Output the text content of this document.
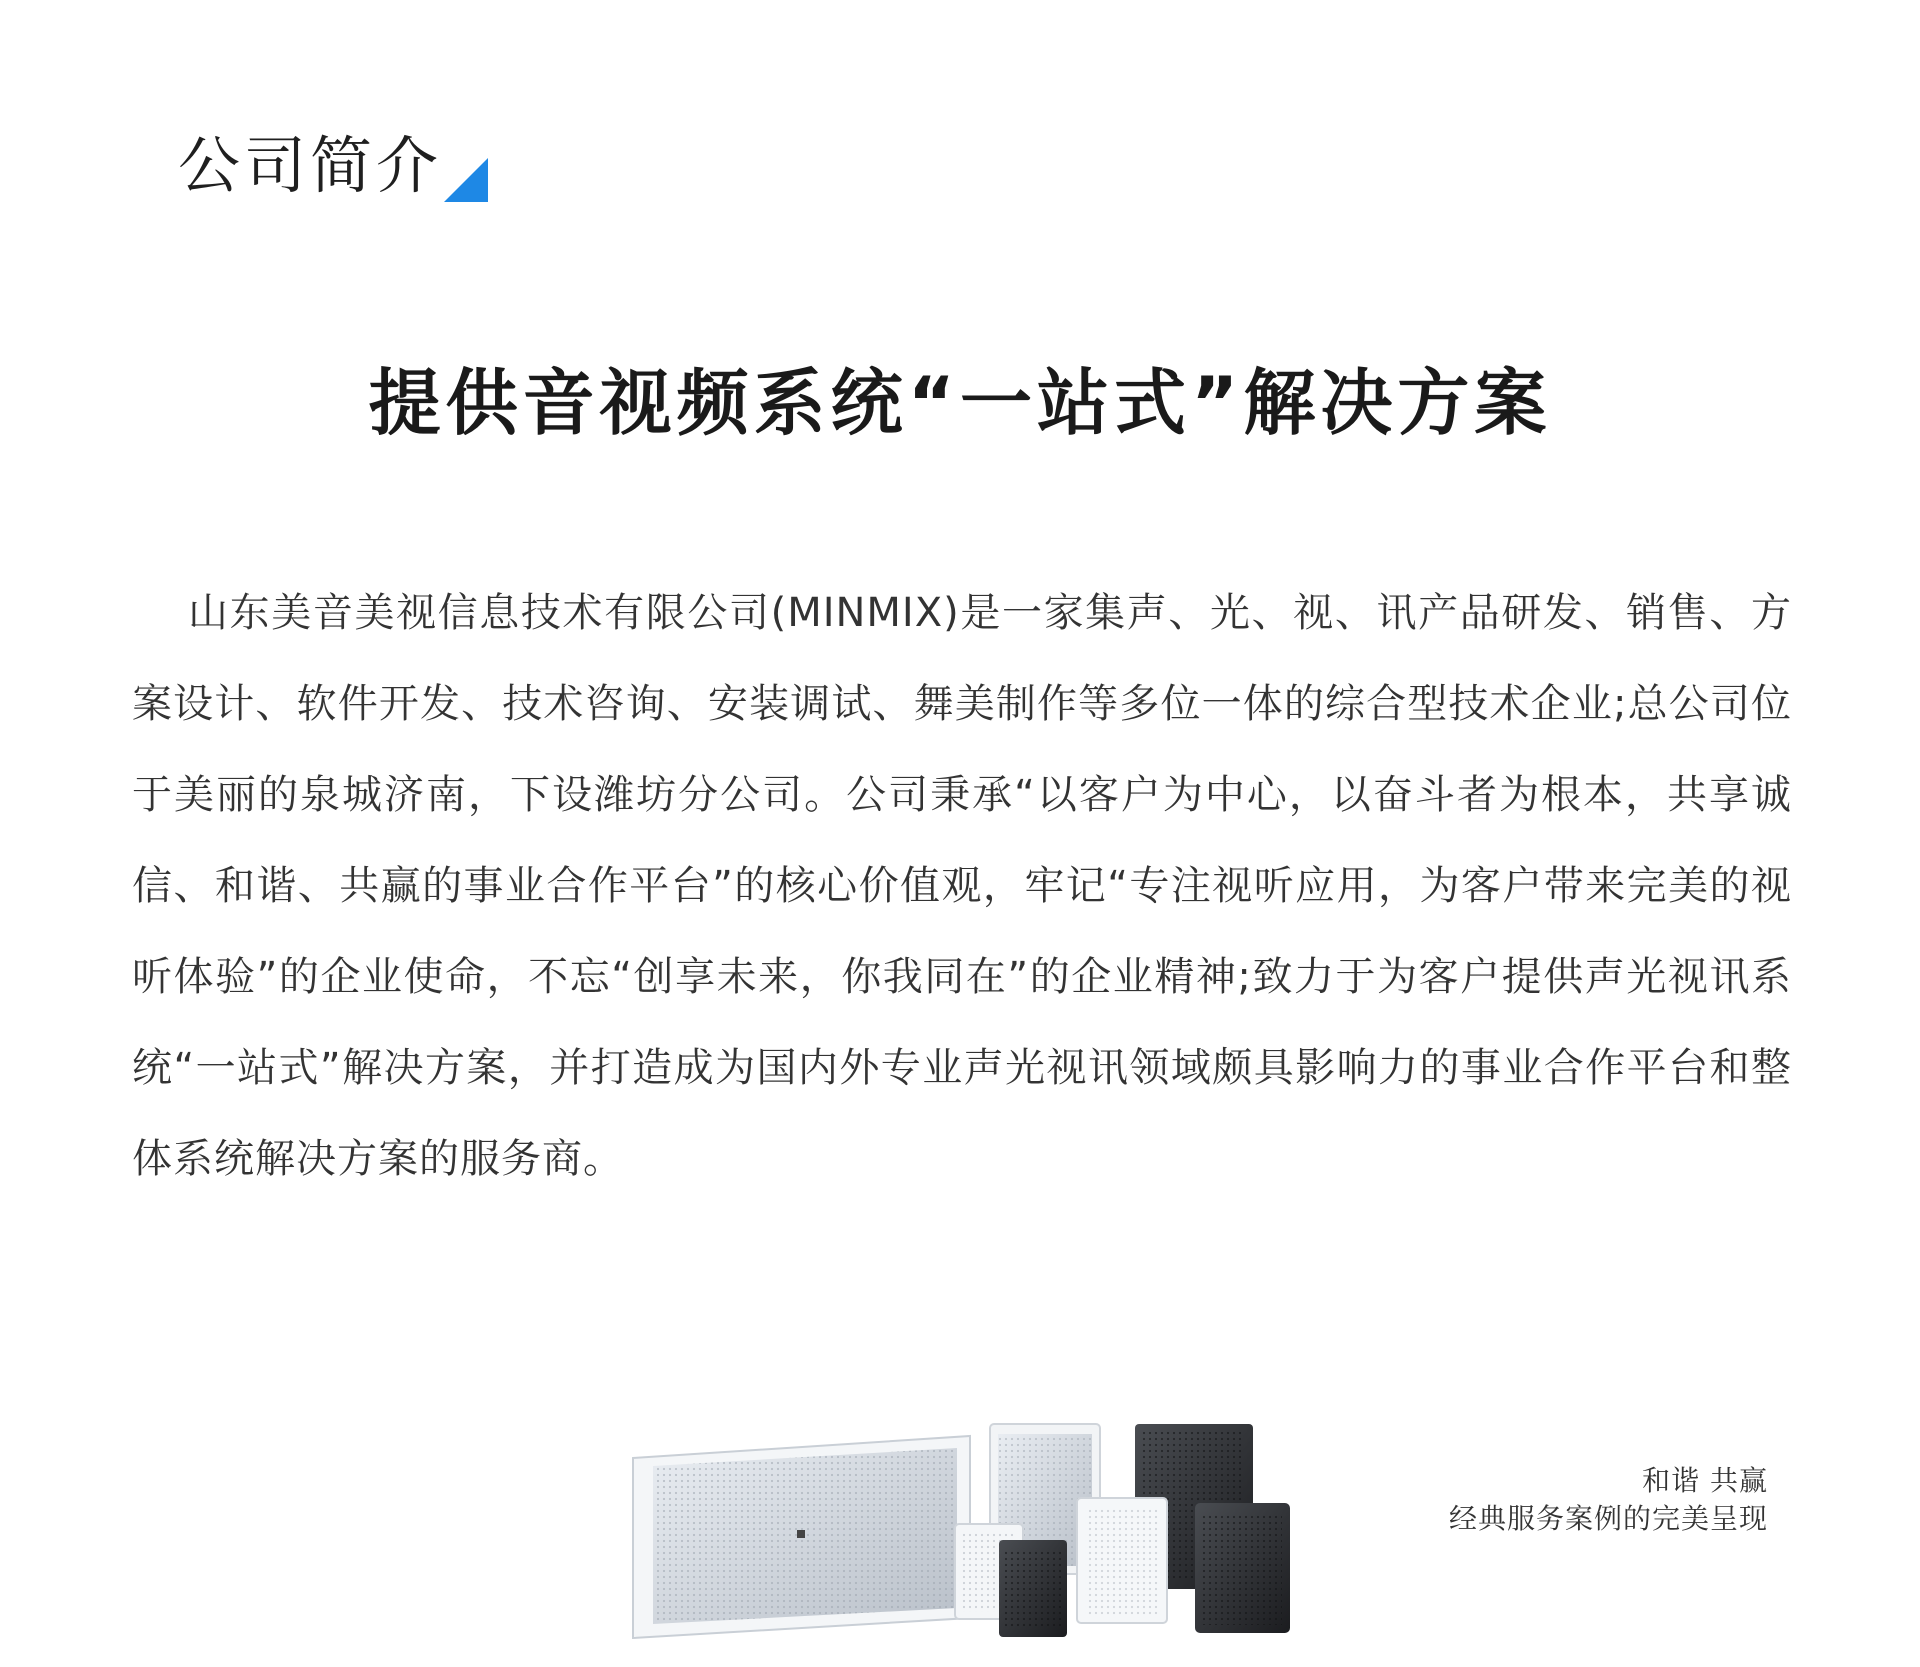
公司简介
提供音视频系统“一站式”解决方案
山东美音美视信息技术有限公司(MINMIX)是一家集声、光、视、讯产品研发、销售、方案设计、软件开发、技术咨询、安装调试、舞美制作等多位一体的综合型技术企业;总公司位于美丽的泉城济南，下设潍坊分公司。公司秉承“以客户为中心，以奋斗者为根本，共享诚信、和谐、共赢的事业合作平台”的核心价值观，牢记“专注视听应用，为客户带来完美的视听体验”的企业使命，不忘“创享未来，你我同在”的企业精神;致力于为客户提供声光视讯系统“一站式”解决方案，并打造成为国内外专业声光视讯领域颇具影响力的事业合作平台和整体系统解决方案的服务商。
和谐 共赢
经典服务案例的完美呈现
